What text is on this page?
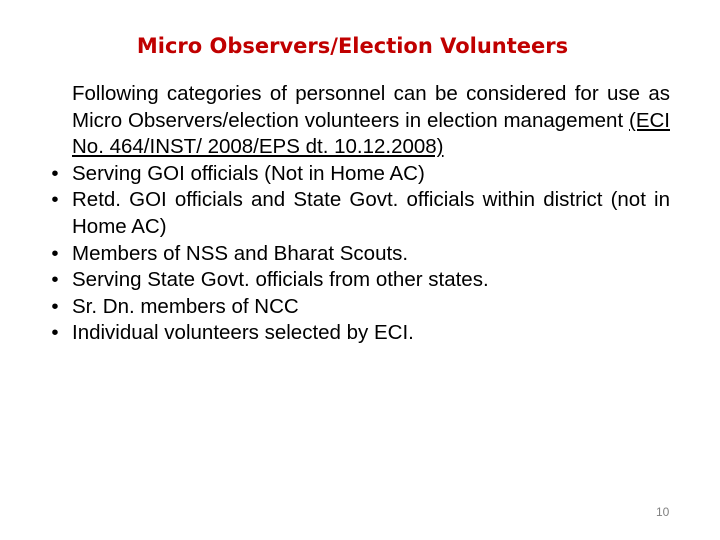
Micro Observers/Election Volunteers

Following categories of personnel can be considered for use as Micro Observers/election volunteers in election management (ECI No. 464/INST/ 2008/EPS dt. 10.12.2008)

• Serving GOI officials (Not in Home AC)
• Retd. GOI officials and State Govt. officials within district (not in Home AC)
• Members of NSS and Bharat Scouts.
• Serving State Govt. officials from other states.
• Sr. Dn. members of NCC
• Individual volunteers selected by ECI.
10
